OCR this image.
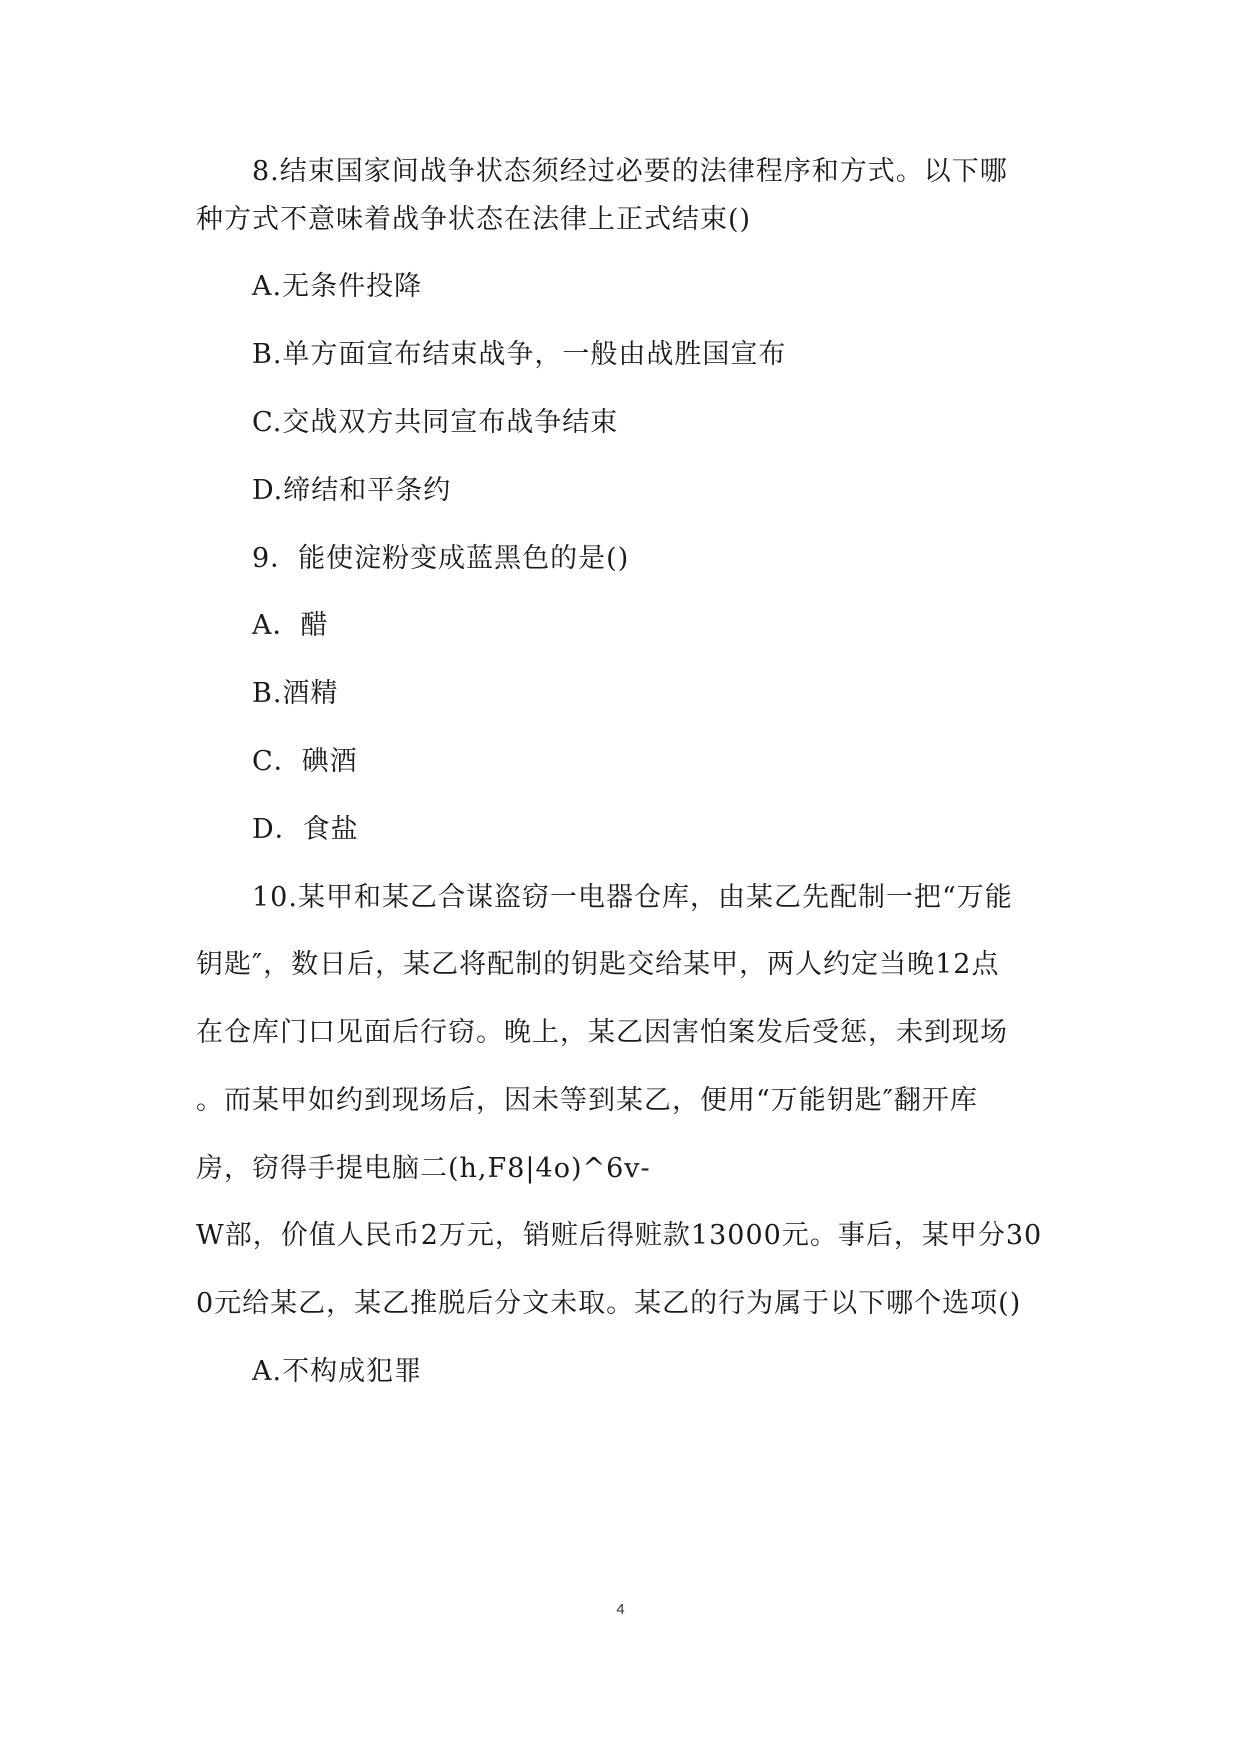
8.结束国家间战争状态须经过必要的法律程序和方式。以下哪
种方式不意味着战争状态在法律上正式结束()
A.无条件投降
B.单方面宣布结束战争，一般由战胜国宣布
C.交战双方共同宣布战争结束
D.缔结和平条约
9．能使淀粉变成蓝黑色的是()
A．醋
B.酒精
C．碘酒
D．食盐
10.某甲和某乙合谋盗窃一电器仓库，由某乙先配制一把“万能
钥匙″，数日后，某乙将配制的钥匙交给某甲，两人约定当晚12点
在仓库门口见面后行窃。晚上，某乙因害怕案发后受惩，未到现场
。而某甲如约到现场后，因未等到某乙，便用“万能钥匙″翻开库
房，窃得手提电脑二(h,F8|4o)^6v-
W部，价值人民币2万元，销赃后得赃款13000元。事后，某甲分30
0元给某乙，某乙推脱后分文未取。某乙的行为属于以下哪个选项()
A.不构成犯罪
4
